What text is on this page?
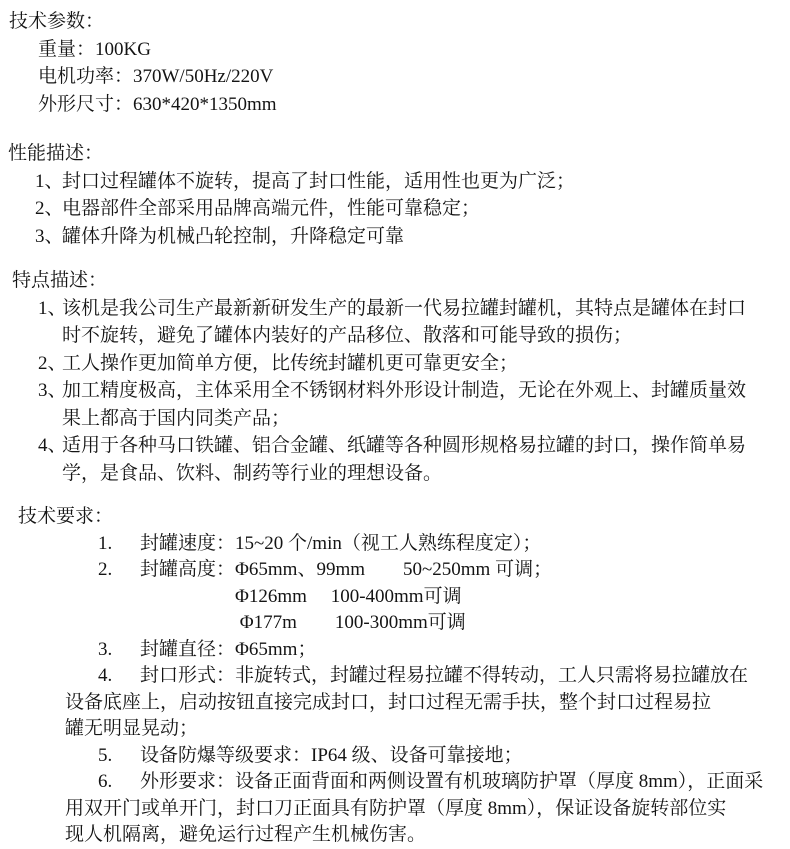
技术参数：
重量：100KG
电机功率：370W/50Hz/220V
外形尺寸：630*420*1350mm
性能描述：
1、
封口过程罐体不旋转，提高了封口性能，适用性也更为广泛；
2、
电器部件全部采用品牌高端元件，性能可靠稳定；
3、
罐体升降为机械凸轮控制，升降稳定可靠
特点描述：
1、
该机是我公司生产最新新研发生产的最新一代易拉罐封罐机，其特点是罐体在封口
时不旋转，避免了罐体内装好的产品移位、散落和可能导致的损伤；
2、
工人操作更加简单方便，比传统封罐机更可靠更安全；
3、
加工精度极高，主体采用全不锈钢材料外形设计制造，无论在外观上、封罐质量效
果上都高于国内同类产品；
4、
适用于各种马口铁罐、铝合金罐、纸罐等各种圆形规格易拉罐的封口，操作简单易
学，是食品、饮料、制药等行业的理想设备。
技术要求：
1.	封罐速度：15~20 个/min（视工人熟练程度定）；
2.	封罐高度：Φ65mm、99mm　　50~250mm 可调；
Φ126mm　 100-400mm可调
Φ177m　　100-300mm可调
3.	封罐直径：Φ65mm；
4.	封口形式：非旋转式，封罐过程易拉罐不得转动，工人只需将易拉罐放在
设备底座上，启动按钮直接完成封口，封口过程无需手扶，整个封口过程易拉
罐无明显晃动；
5.	设备防爆等级要求：IP64 级、设备可靠接地；
6.	外形要求：设备正面背面和两侧设置有机玻璃防护罩（厚度 8mm），正面采
用双开门或单开门，封口刀正面具有防护罩（厚度 8mm），保证设备旋转部位实
现人机隔离，避免运行过程产生机械伤害。
